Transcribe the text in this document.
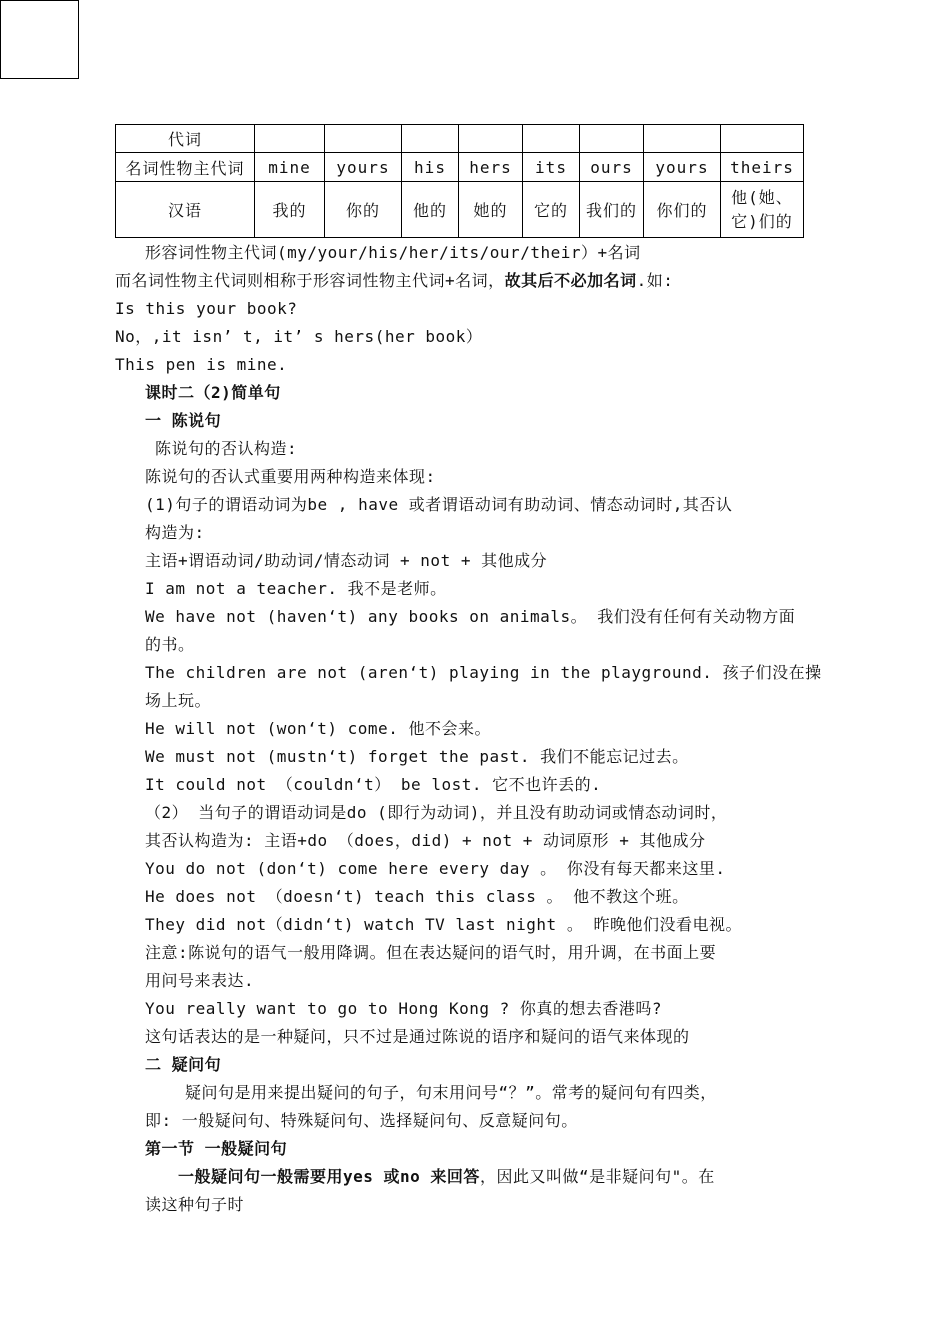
代词								
名词性物主代词	mine	yours	his	hers	its	ours	yours	theirs
汉语	我的	你的	他的	她的	它的	我们的	你们的	他(她、它)们的
形容词性物主代词(my/your/his/her/its/our/their）+名词
而名词性物主代词则相称于形容词性物主代词+名词，故其后不必加名词.如:
Is this your book?
No，,it isn’ t, it’ s hers(her book）
This pen is mine.
课时二（2)简单句
一 陈说句
陈说句的否认构造:
陈说句的否认式重要用两种构造来体现:
(1)句子的谓语动词为be , have 或者谓语动词有助动词、情态动词时,其否认
构造为:
主语+谓语动词/助动词/情态动词 + not + 其他成分
I am not a teacher. 我不是老师。
We have not (haven‘t) any books on animals。 我们没有任何有关动物方面
的书。
The children are not (aren‘t) playing in the playground. 孩子们没在操
场上玩。
He will not (won‘t) come. 他不会来。
We must not (mustn‘t) forget the past. 我们不能忘记过去。
It could not （couldn‘t） be lost. 它不也许丢的.
（2） 当句子的谓语动词是do (即行为动词)，并且没有助动词或情态动词时，
其否认构造为: 主语+do （does，did) + not + 动词原形 + 其他成分
You do not (don‘t) come here every day 。 你没有每天都来这里.
He does not （doesn‘t) teach this class 。 他不教这个班。
They did not（didn‘t) watch TV last night 。 昨晚他们没看电视。
注意:陈说句的语气一般用降调。但在表达疑问的语气时，用升调，在书面上要
用问号来表达.
You really want to go to Hong Kong ? 你真的想去香港吗?
这句话表达的是一种疑问，只不过是通过陈说的语序和疑问的语气来体现的
二 疑问句
疑问句是用来提出疑问的句子，句末用问号“？”。常考的疑问句有四类，
即: 一般疑问句、特殊疑问句、选择疑问句、反意疑问句。
第一节 一般疑问句
一般疑问句一般需要用yes 或no 来回答，因此又叫做“是非疑问句"。在
读这种句子时
